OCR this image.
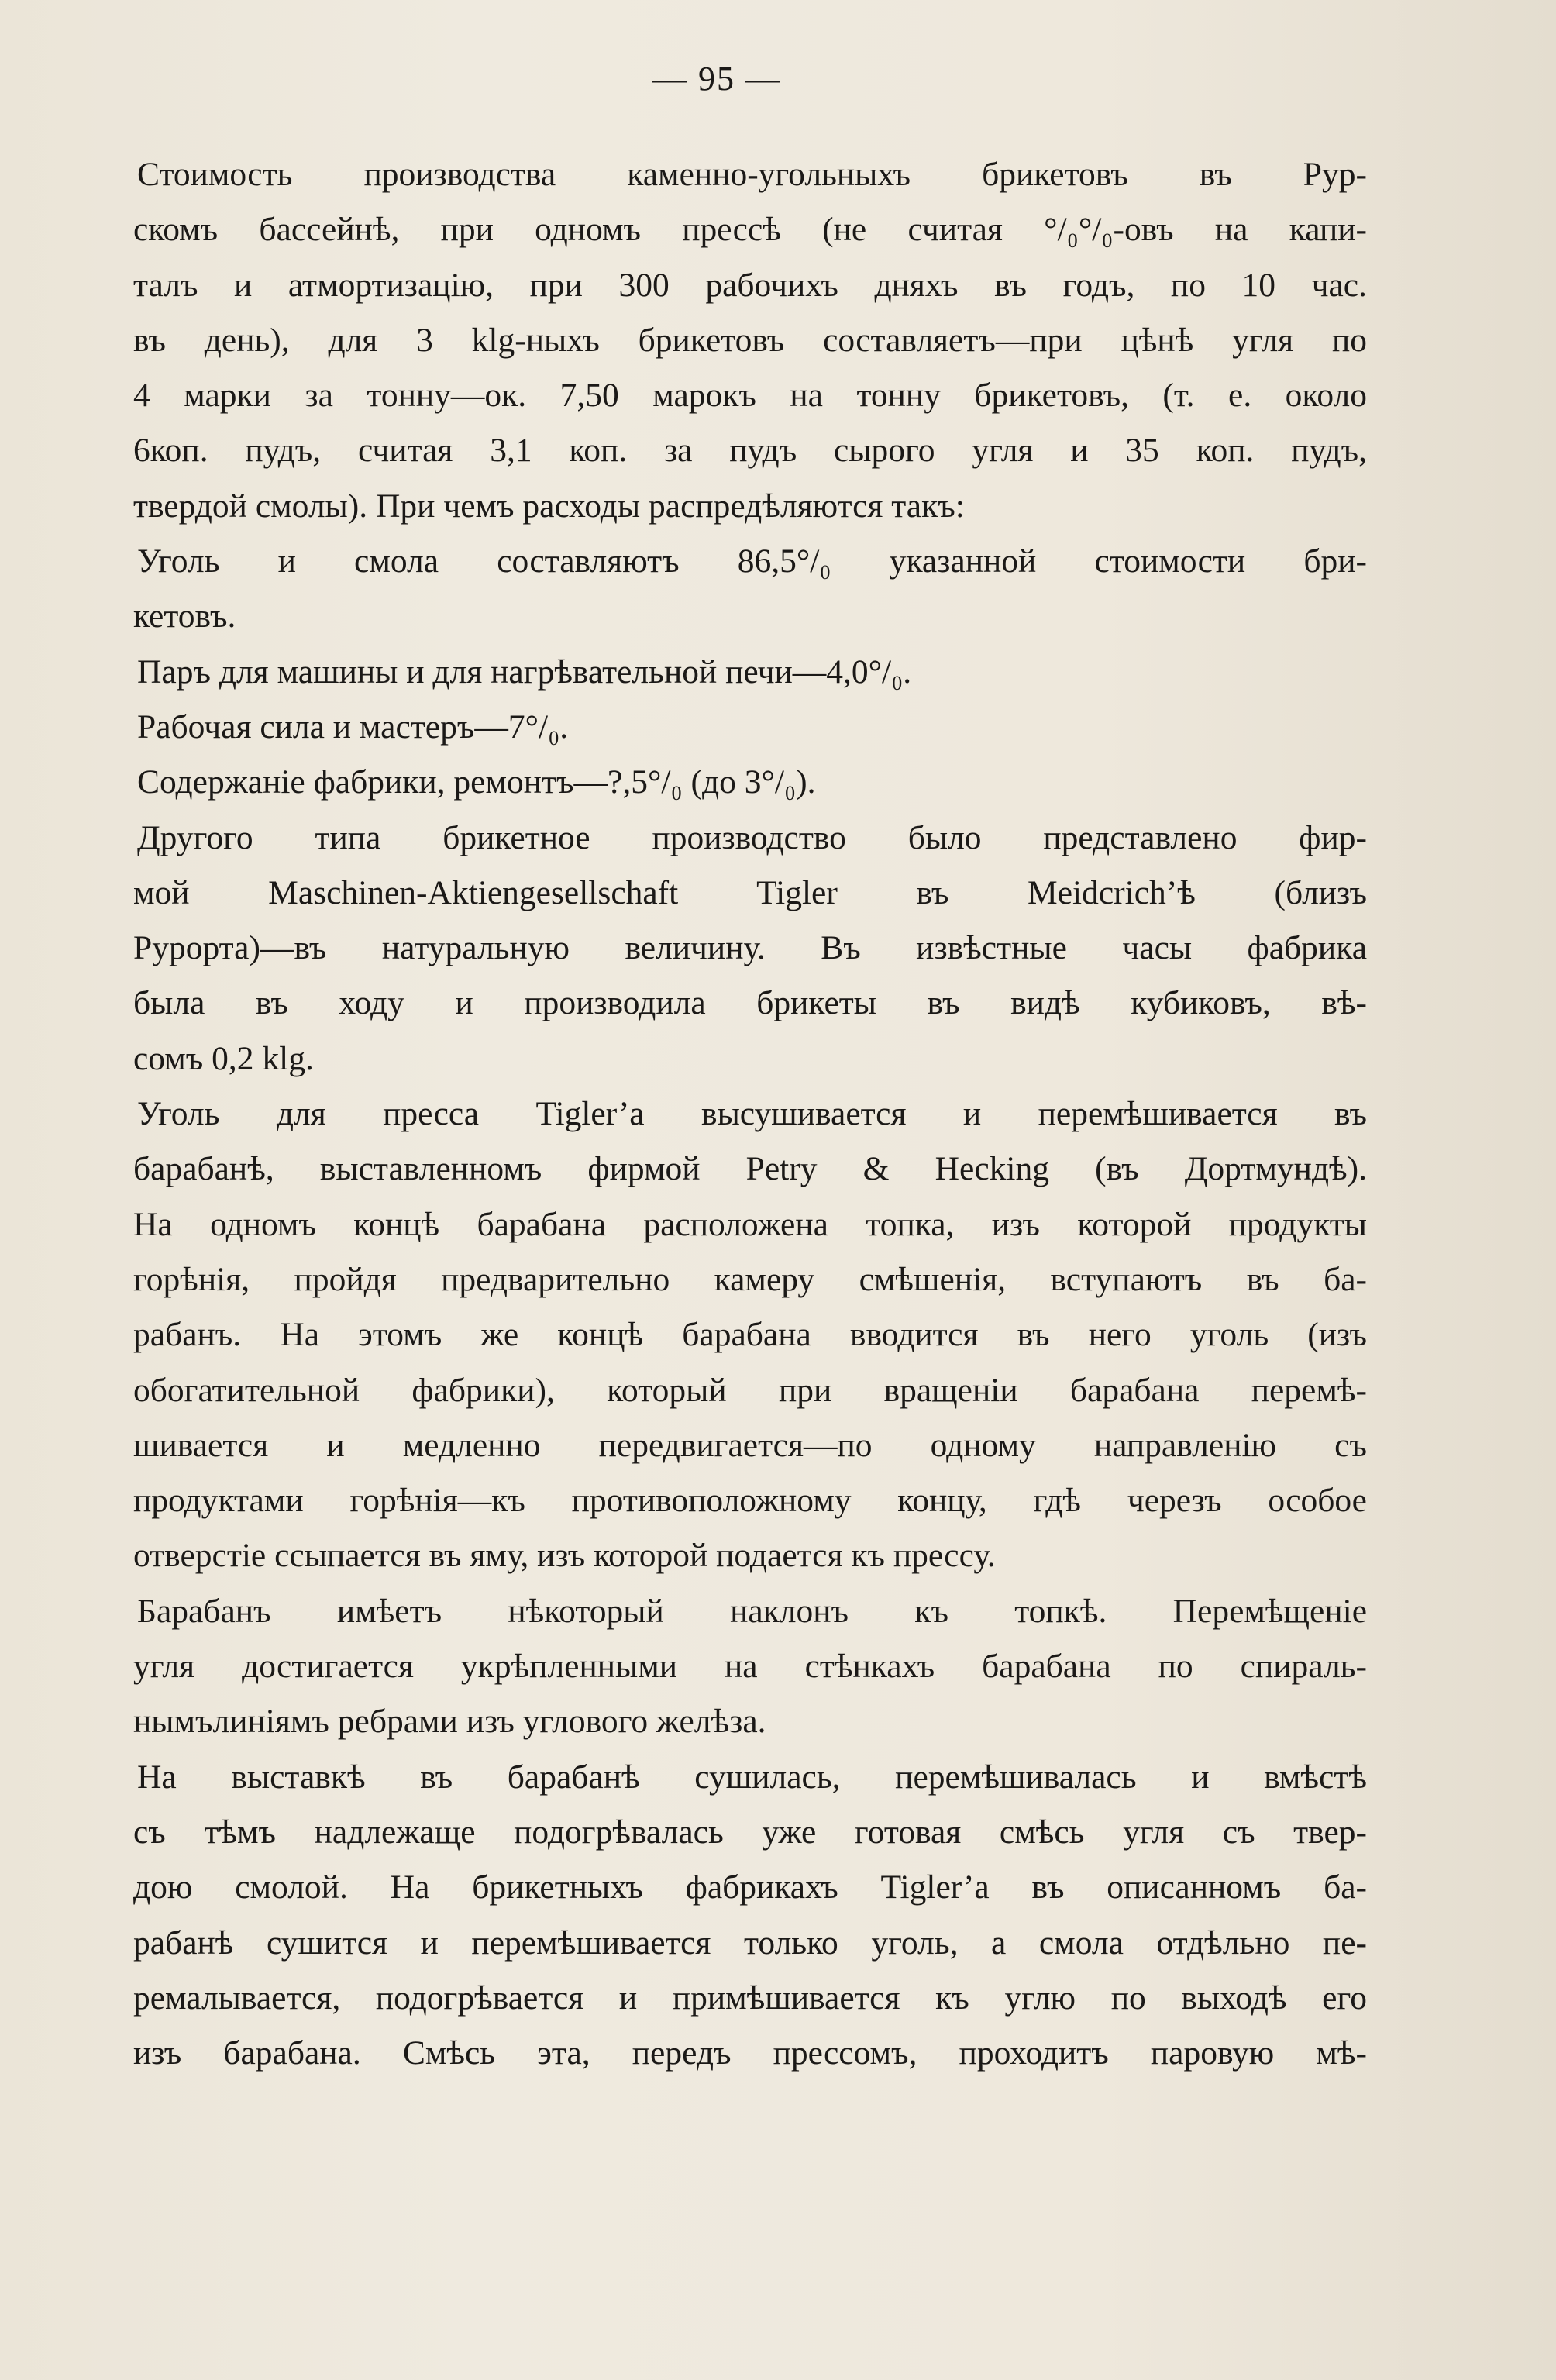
— 95 —
Стоимость производства каменно-угольныхъ брикетовъ въ Рур-
скомъ бассейнѣ, при одномъ прессѣ (не считая °/₀°/₀-овъ на капи-
талъ и атмортизацію, при 300 рабочихъ дняхъ въ годъ, по 10 час.
въ день), для 3 klg-ныхъ брикетовъ составляетъ—при цѣнѣ угля по
4 марки за тонну—ок. 7,50 марокъ на тонну брикетовъ, (т. е. около
6коп. пудъ, считая 3,1 коп. за пудъ сырого угля и 35 коп. пудъ,
твердой смолы). При чемъ расходы распредѣляются такъ:
Уголь и смола составляютъ 86,5°/₀ указанной стоимости бри-
кетовъ.
Паръ для машины и для нагрѣвательной печи—4,0°/₀.
Рабочая сила и мастеръ—7°/₀.
Содержаніе фабрики, ремонтъ—?,5°/₀ (до 3°/₀).
Другого типа брикетное производство было представлено фир-
мой Maschinen-Aktiengesellschaft Tigler въ Meidcrich’ѣ (близъ
Рурорта)—въ натуральную величину. Въ извѣстные часы фабрика
была въ ходу и производила брикеты въ видѣ кубиковъ, вѣ-
сомъ 0,2 klg.
Уголь для пресса Tigler’a высушивается и перемѣшивается въ
барабанѣ, выставленномъ фирмой Petry & Hecking (въ Дортмундѣ).
На одномъ концѣ барабана расположена топка, изъ которой продукты
горѣнія, пройдя предварительно камеру смѣшенія, вступаютъ въ ба-
рабанъ. На этомъ же концѣ барабана вводится въ него уголь (изъ
обогатительной фабрики), который при вращеніи барабана перемѣ-
шивается и медленно передвигается—по одному направленію съ
продуктами горѣнія—къ противоположному концу, гдѣ черезъ особое
отверстіе ссыпается въ яму, изъ которой подается къ прессу.
Барабанъ имѣетъ нѣкоторый наклонъ къ топкѣ. Перемѣщеніе
угля достигается укрѣпленными на стѣнкахъ барабана по спираль-
нымълиніямъ ребрами изъ углового желѣза.
На выставкѣ въ барабанѣ сушилась, перемѣшивалась и вмѣстѣ
съ тѣмъ надлежаще подогрѣвалась уже готовая смѣсь угля съ твер-
дою смолой. На брикетныхъ фабрикахъ Tigler’a въ описанномъ ба-
рабанѣ сушится и перемѣшивается только уголь, а смола отдѣльно пе-
ремалывается, подогрѣвается и примѣшивается къ углю по выходѣ его
изъ барабана. Смѣсь эта, передъ прессомъ, проходитъ паровую мѣ-
